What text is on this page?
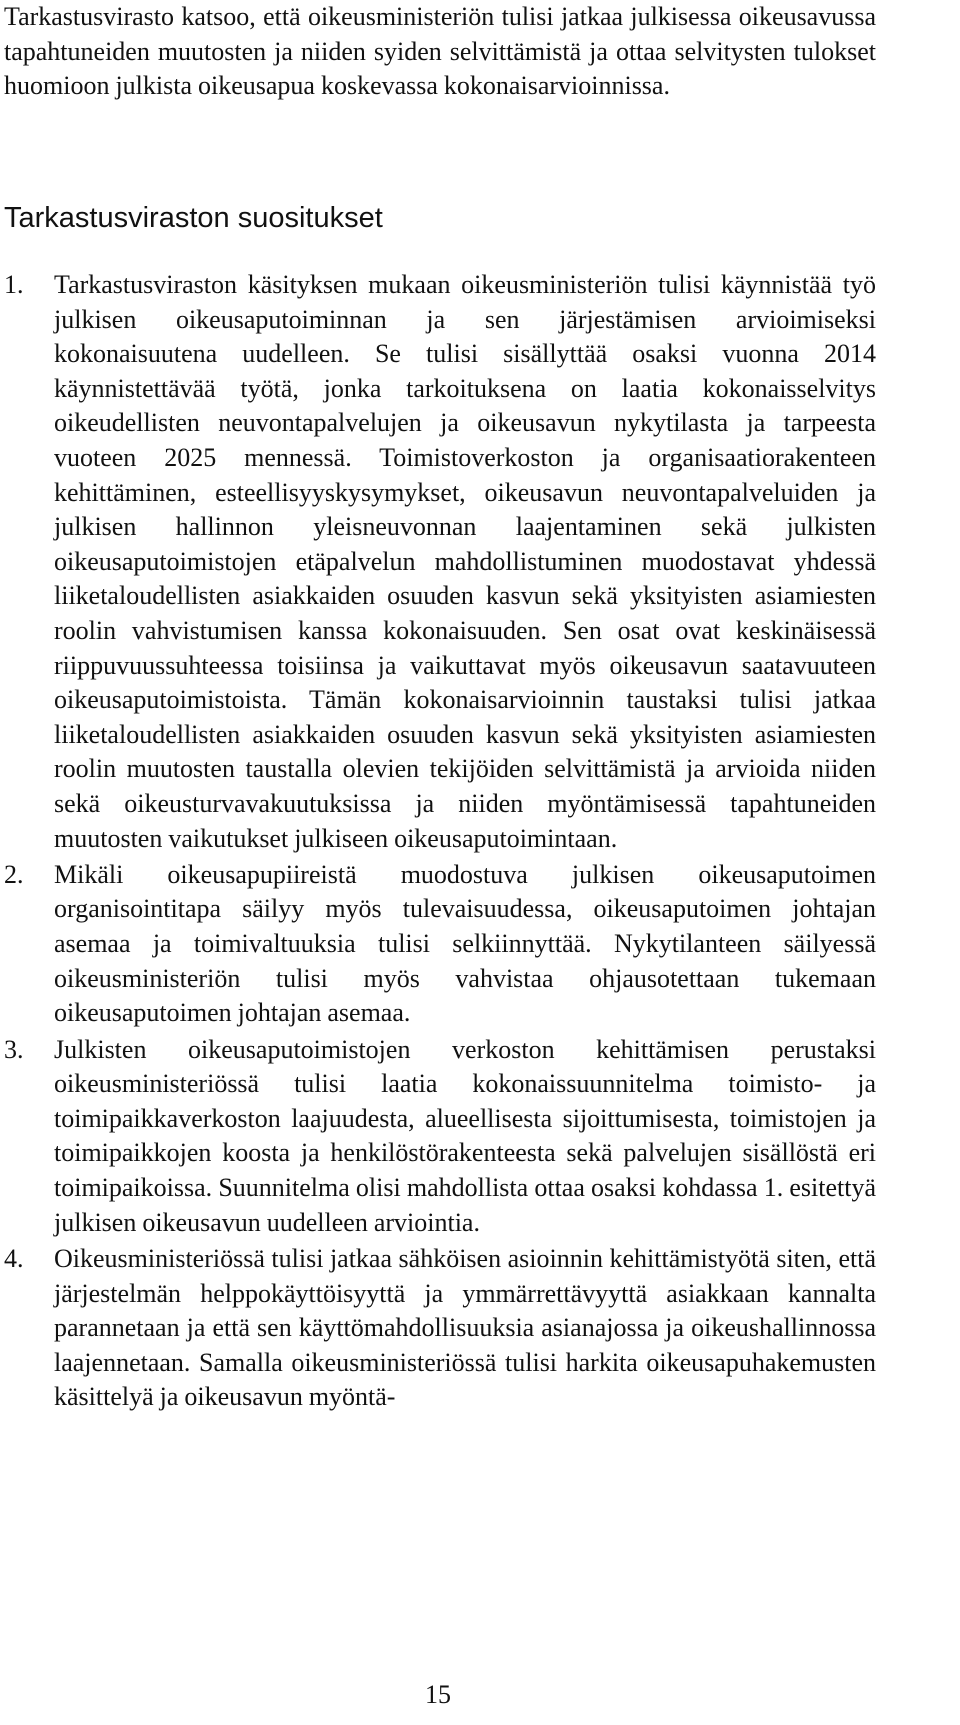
Tarkastusvirasto katsoo, että oikeusministeriön tulisi jatkaa julkisessa oikeusavussa tapahtuneiden muutosten ja niiden syiden selvittämistä ja ottaa selvitysten tulokset huomioon julkista oikeusapua koskevassa kokonaisarvioinnissa.

Tarkastusviraston suositukset
1. Tarkastusviraston käsityksen mukaan oikeusministeriön tulisi käynnistää työ julkisen oikeusaputoiminnan ja sen järjestämisen arvioimiseksi kokonaisuutena uudelleen. Se tulisi sisällyttää osaksi vuonna 2014 käynnistettävää työtä, jonka tarkoituksena on laatia kokonaisselvitys oikeudellisten neuvontapalvelujen ja oikeusavun nykytilasta ja tarpeesta vuoteen 2025 mennessä. Toimistoverkoston ja organisaatiorakenteen kehittäminen, esteellisyyskysymykset, oikeusavun neuvontapalveluiden ja julkisen hallinnon yleisneuvonnan laajentaminen sekä julkisten oikeusaputoimistojen etäpalvelun mahdollistuminen muodostavat yhdessä liiketaloudellisten asiakkaiden osuuden kasvun sekä yksityisten asiamiesten roolin vahvistumisen kanssa kokonaisuuden. Sen osat ovat keskinäisessä riippuvuussuhteessa toisiinsa ja vaikuttavat myös oikeusavun saatavuuteen oikeusaputoimistoista. Tämän kokonaisarvioinnin taustaksi tulisi jatkaa liiketaloudellisten asiakkaiden osuuden kasvun sekä yksityisten asiamiesten roolin muutosten taustalla olevien tekijöiden selvittämistä ja arvioida niiden sekä oikeusturvavakuutuksissa ja niiden myöntämisessä tapahtuneiden muutosten vaikutukset julkiseen oikeusaputoimintaan.
2. Mikäli oikeusapupiireistä muodostuva julkisen oikeusaputoimen organisointitapa säilyy myös tulevaisuudessa, oikeusaputoimen johtajan asemaa ja toimivaltuuksia tulisi selkiinnyttää. Nykytilanteen säilyessä oikeusministeriön tulisi myös vahvistaa ohjausotettaan tukemaan oikeusaputoimen johtajan asemaa.
3. Julkisten oikeusaputoimistojen verkoston kehittämisen perustaksi oikeusministeriössä tulisi laatia kokonaissuunnitelma toimisto- ja toimipaikkaverkoston laajuudesta, alueellisesta sijoittumisesta, toimistojen ja toimipaikkojen koosta ja henkilöstörakenteesta sekä palvelujen sisällöstä eri toimipaikoissa. Suunnitelma olisi mahdollista ottaa osaksi kohdassa 1. esitettyä julkisen oikeusavun uudelleen arviointia.
4. Oikeusministeriössä tulisi jatkaa sähköisen asioinnin kehittämistyötä siten, että järjestelmän helppokäyttöisyyttä ja ymmärrettävyyttä asiakkaan kannalta parannetaan ja että sen käyttömahdollisuuksia asianajossa ja oikeushallinnossa laajennetaan. Samalla oikeusministeriössä tulisi harkita oikeusapuhakemusten käsittelyä ja oikeusavun myöntä-
15
